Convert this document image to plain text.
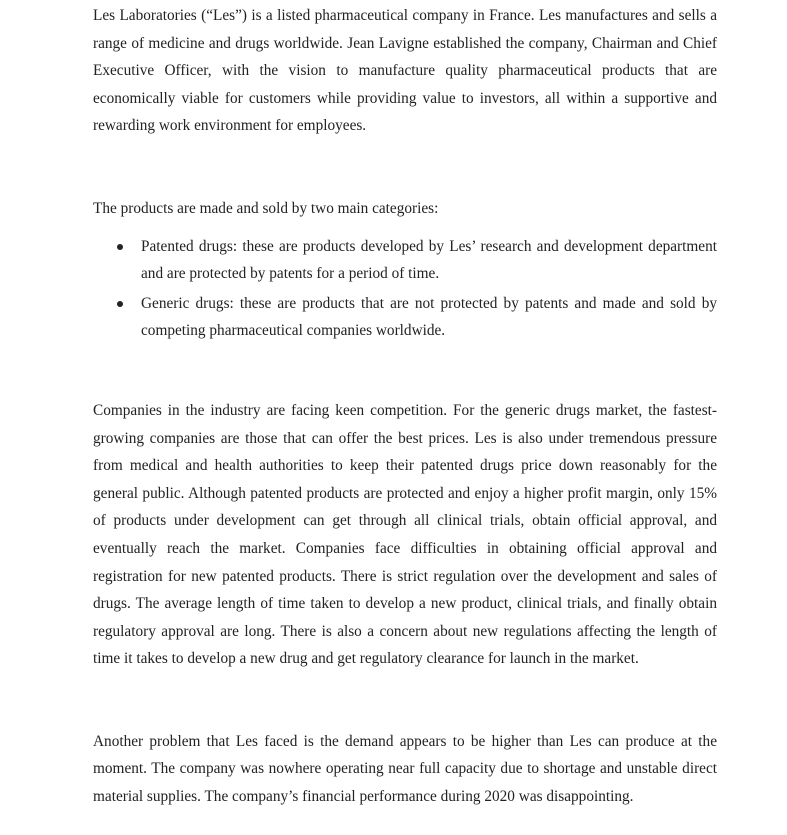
Les Laboratories (“Les”) is a listed pharmaceutical company in France. Les manufactures and sells a range of medicine and drugs worldwide. Jean Lavigne established the company, Chairman and Chief Executive Officer, with the vision to manufacture quality pharmaceutical products that are economically viable for customers while providing value to investors, all within a supportive and rewarding work environment for employees.

The products are made and sold by two main categories:

Patented drugs: these are products developed by Les’ research and development department and are protected by patents for a period of time.
Generic drugs: these are products that are not protected by patents and made and sold by competing pharmaceutical companies worldwide.

Companies in the industry are facing keen competition. For the generic drugs market, the fastest-growing companies are those that can offer the best prices. Les is also under tremendous pressure from medical and health authorities to keep their patented drugs price down reasonably for the general public. Although patented products are protected and enjoy a higher profit margin, only 15% of products under development can get through all clinical trials, obtain official approval, and eventually reach the market. Companies face difficulties in obtaining official approval and registration for new patented products. There is strict regulation over the development and sales of drugs. The average length of time taken to develop a new product, clinical trials, and finally obtain regulatory approval are long. There is also a concern about new regulations affecting the length of time it takes to develop a new drug and get regulatory clearance for launch in the market.

Another problem that Les faced is the demand appears to be higher than Les can produce at the moment. The company was nowhere operating near full capacity due to shortage and unstable direct material supplies. The company’s financial performance during 2020 was disappointing.
